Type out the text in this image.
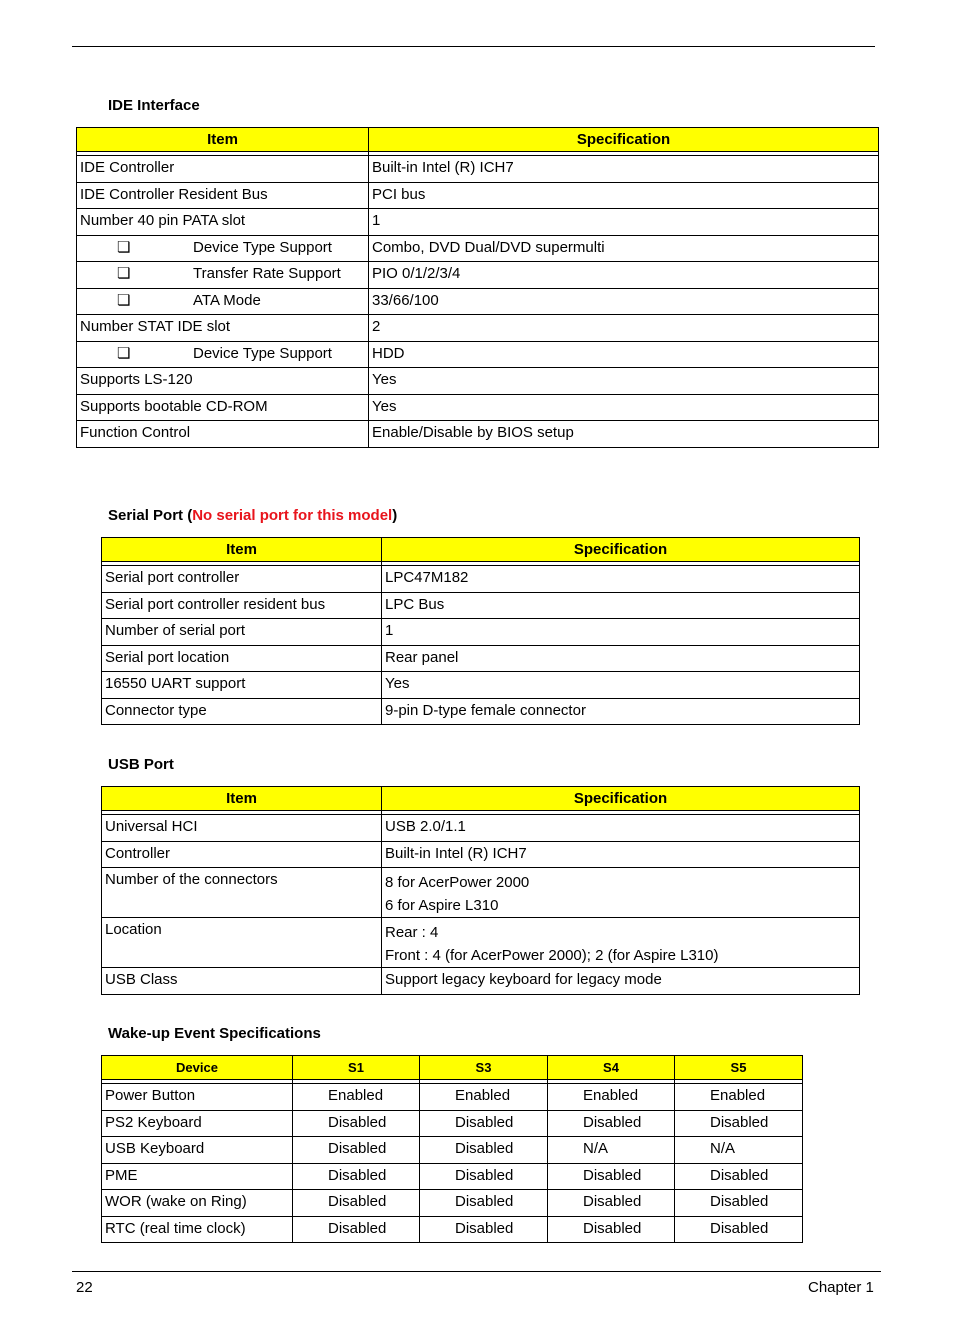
IDE Interface
Item	Specification

IDE Controller	Built-in Intel (R) ICH7
IDE Controller Resident Bus	PCI bus
Number 40 pin PATA slot	1
❏ Device Type Support	Combo, DVD Dual/DVD supermulti
❏ Transfer Rate Support	PIO 0/1/2/3/4
❏ ATA Mode	33/66/100
Number STAT IDE slot	2
❏ Device Type Support	HDD
Supports LS-120	Yes
Supports bootable CD-ROM	Yes
Function Control	Enable/Disable by BIOS setup
Serial Port (No serial port for this model)
Item	Specification

Serial port controller	LPC47M182
Serial port controller resident bus	LPC Bus
Number of serial port	1
Serial port location	Rear panel
16550 UART support	Yes
Connector type	9-pin D-type female connector
USB Port
Item	Specification

Universal HCI	USB 2.0/1.1

Controller	Built-in Intel (R) ICH7

Number of the connectors	8 for AcerPower 2000
6 for Aspire L310

Location	Rear : 4
Front : 4 (for AcerPower 2000); 2 (for Aspire L310)

USB Class	Support legacy keyboard for legacy mode
Wake-up Event Specifications
Device	S1	S3	S4	S5

Power Button	Enabled	Enabled	Enabled	Enabled
PS2 Keyboard	Disabled	Disabled	Disabled	Disabled
USB Keyboard	Disabled	Disabled	N/A	N/A
PME	Disabled	Disabled	Disabled	Disabled
WOR (wake on Ring)	Disabled	Disabled	Disabled	Disabled
RTC (real time clock)	Disabled	Disabled	Disabled	Disabled
22	Chapter 1
